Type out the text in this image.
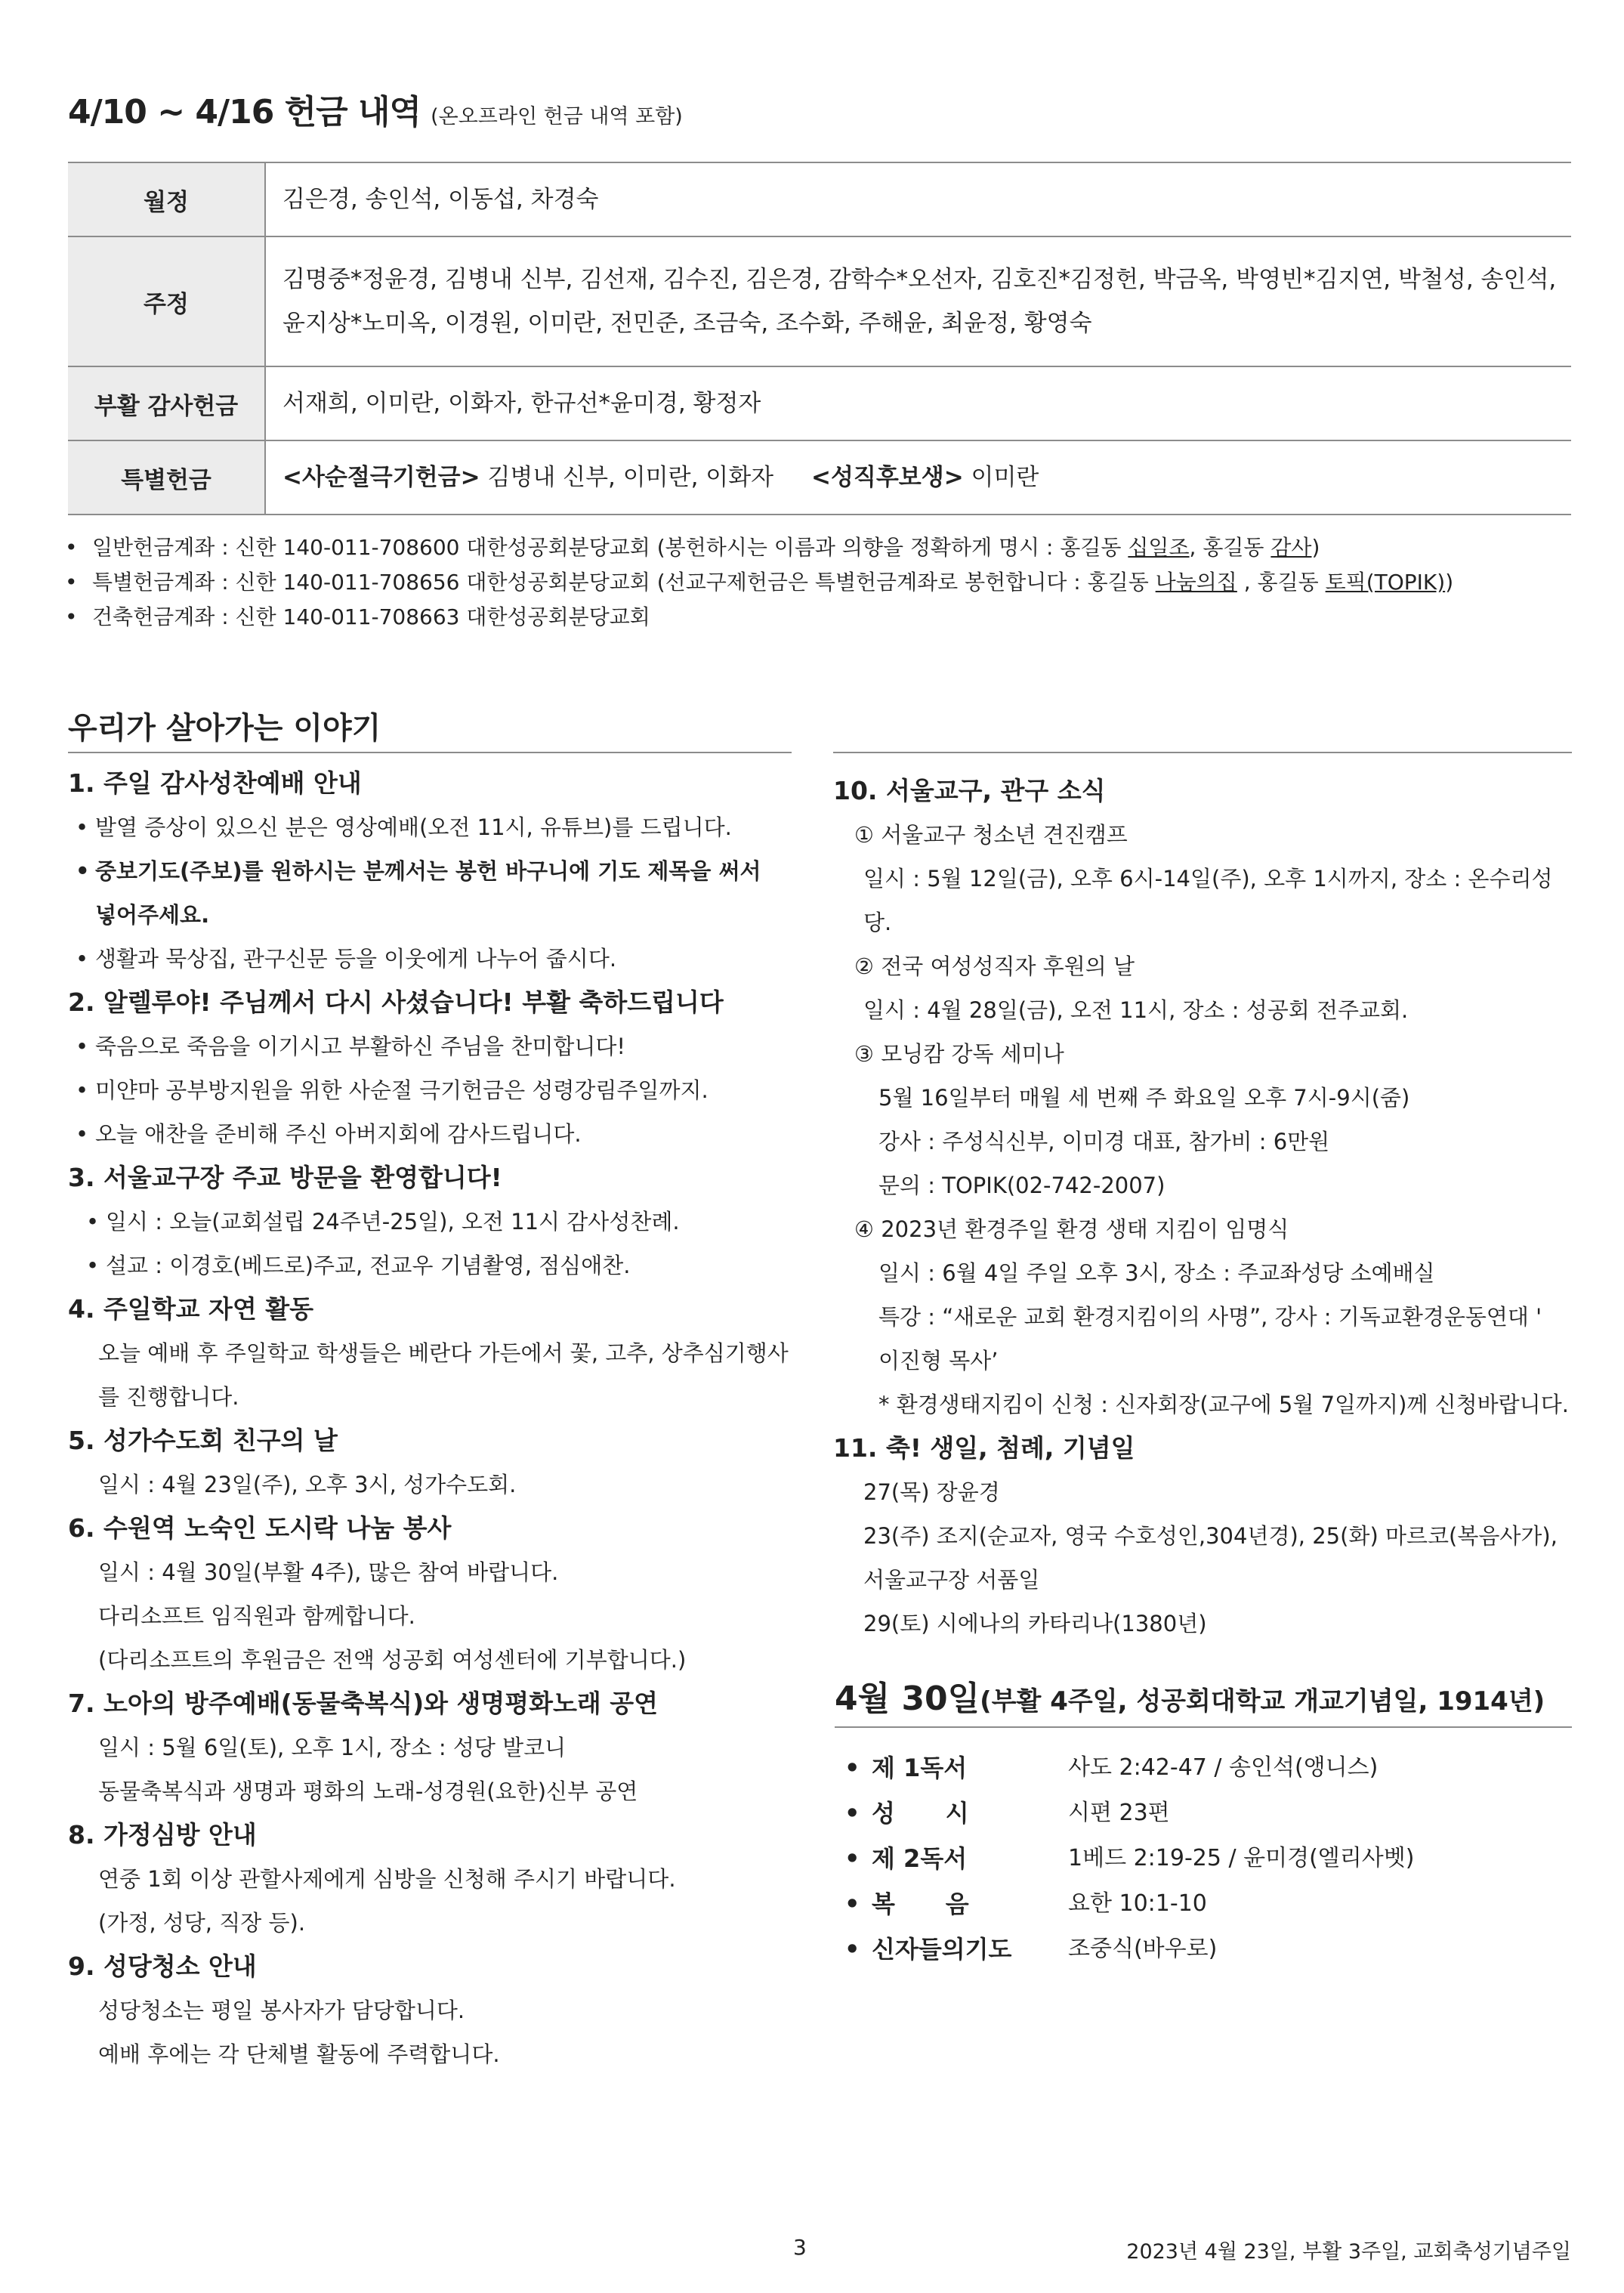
4/10 ~ 4/16 헌금 내역 (온오프라인 헌금 내역 포함)
월정	김은경, 송인석, 이동섭, 차경숙
주정	김명중*정윤경, 김병내 신부, 김선재, 김수진, 김은경, 감학수*오선자, 김호진*김정헌, 박금옥, 박영빈*김지연, 박철성, 송인석,
윤지상*노미옥, 이경원, 이미란, 전민준, 조금숙, 조수화, 주해윤, 최윤정, 황영숙

부활 감사헌금	서재희, 이미란, 이화자, 한규선*윤미경, 황정자
특별헌금	<사순절극기헌금> 김병내 신부, 이미란, 이화자 <성직후보생> 이미란
• 일반헌금계좌 : 신한 140-011-708600 대한성공회분당교회 (봉헌하시는 이름과 의향을 정확하게 명시 : 홍길동 십일조, 홍길동 감사)
• 특별헌금계좌 : 신한 140-011-708656 대한성공회분당교회 (선교구제헌금은 특별헌금계좌로 봉헌합니다 : 홍길동 나눔의집 , 홍길동 토픽(TOPIK))
• 건축헌금계좌 : 신한 140-011-708663 대한성공회분당교회
우리가 살아가는 이야기
1. 주일 감사성찬예배 안내
• 발열 증상이 있으신 분은 영상예배(오전 11시, 유튜브)를 드립니다.
• 중보기도(주보)를 원하시는 분께서는 봉헌 바구니에 기도 제목을 써서
넣어주세요.
• 생활과 묵상집, 관구신문 등을 이웃에게 나누어 줍시다.
2. 알렐루야! 주님께서 다시 사셨습니다! 부활 축하드립니다
• 죽음으로 죽음을 이기시고 부활하신 주님을 찬미합니다!
• 미얀마 공부방지원을 위한 사순절 극기헌금은 성령강림주일까지.
• 오늘 애찬을 준비해 주신 아버지회에 감사드립니다.
3. 서울교구장 주교 방문을 환영합니다!
• 일시 : 오늘(교회설립 24주년-25일), 오전 11시 감사성찬례.
• 설교 : 이경호(베드로)주교, 전교우 기념촬영, 점심애찬.
4. 주일학교 자연 활동
오늘 예배 후 주일학교 학생들은 베란다 가든에서 꽃, 고추, 상추심기행사
를 진행합니다.
5. 성가수도회 친구의 날
일시 : 4월 23일(주), 오후 3시, 성가수도회.
6. 수원역 노숙인 도시락 나눔 봉사
일시 : 4월 30일(부활 4주), 많은 참여 바랍니다.
다리소프트 임직원과 함께합니다.
(다리소프트의 후원금은 전액 성공회 여성센터에 기부합니다.)
7. 노아의 방주예배(동물축복식)와 생명평화노래 공연
일시 : 5월 6일(토), 오후 1시, 장소 : 성당 발코니
동물축복식과 생명과 평화의 노래-성경원(요한)신부 공연
8. 가정심방 안내
연중 1회 이상 관할사제에게 심방을 신청해 주시기 바랍니다.
(가정, 성당, 직장 등).
9. 성당청소 안내
성당청소는 평일 봉사자가 담당합니다.
예배 후에는 각 단체별 활동에 주력합니다.
10. 서울교구, 관구 소식
① 서울교구 청소년 견진캠프
일시 : 5월 12일(금), 오후 6시-14일(주), 오후 1시까지, 장소 : 온수리성당.
② 전국 여성성직자 후원의 날
일시 : 4월 28일(금), 오전 11시, 장소 : 성공회 전주교회.
③ 모닝캄 강독 세미나
5월 16일부터 매월 세 번째 주 화요일 오후 7시-9시(줌)
강사 : 주성식신부, 이미경 대표, 참가비 : 6만원
문의 : TOPIK(02-742-2007)
④ 2023년 환경주일 환경 생태 지킴이 임명식
일시 : 6월 4일 주일 오후 3시, 장소 : 주교좌성당 소예배실
특강 : “새로운 교회 환경지킴이의 사명”, 강사 : 기독교환경운동연대 '
이진형 목사’
* 환경생태지킴이 신청 : 신자회장(교구에 5월 7일까지)께 신청바랍니다.
11. 축! 생일, 첨례, 기념일
27(목) 장윤경
23(주) 조지(순교자, 영국 수호성인,304년경), 25(화) 마르코(복음사가),
서울교구장 서품일
29(토) 시에나의 카타리나(1380년)
4월 30일(부활 4주일, 성공회대학교 개교기념일, 1914년)
• 제 1독서	사도 2:42-47 / 송인석(앵니스)
• 성      시	시편 23편
• 제 2독서	1베드 2:19-25 / 윤미경(엘리사벳)
• 복      음	요한 10:1-10
• 신자들의기도	조중식(바우로)
3	2023년 4월 23일, 부활 3주일, 교회축성기념주일
